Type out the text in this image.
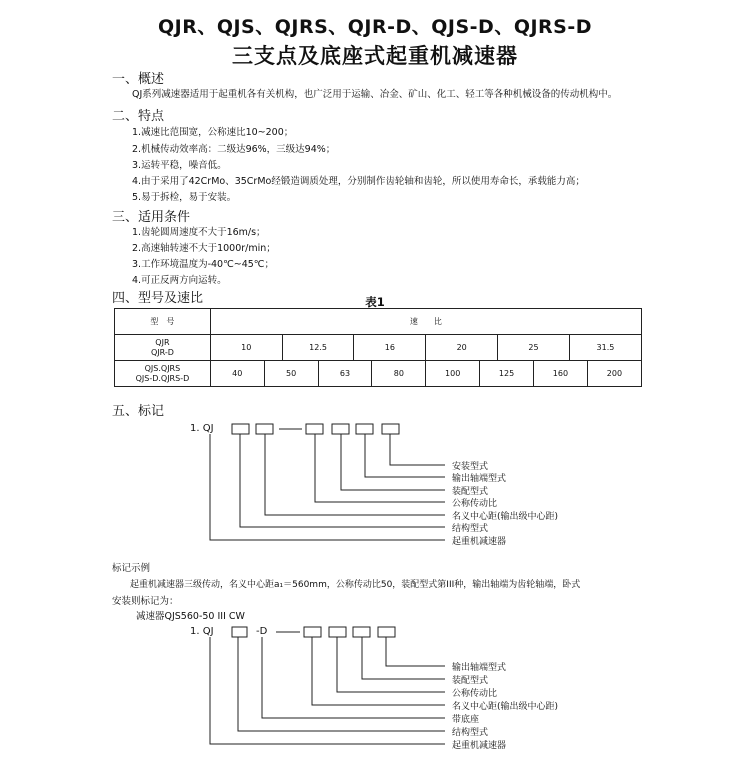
QJR、QJS、QJRS、QJR-D、QJS-D、QJRS-D
三支点及底座式起重机减速器
一、概述
QJ系列减速器适用于起重机各有关机构，也广泛用于运输、冶金、矿山、化工、轻工等各种机械设备的传动机构中。
二、特点
1.减速比范围宽，公称速比10~200；
2.机械传动效率高：二级达96%，三级达94%；
3.运转平稳，噪音低。
4.由于采用了42CrMo、35CrMo经锻造调质处理，分别制作齿轮轴和齿轮，所以使用寿命长，承载能力高；
5.易于拆检，易于安装。
三、适用条件
1.齿轮圆周速度不大于16m/s；
2.高速轴转速不大于1000r/min；
3.工作环境温度为-40℃~45℃；
4.可正反两方向运转。
四、型号及速比	表1
型　号	速　　比											

QJR
QJR-D	10		12.5		16		20		25		31.5	

QJS.QJRS
QJS-D.QJRS-D	40	50		63		80	100	125		160		200
五、标记
1. QJ
安装型式
输出轴端型式
装配型式
公称传动比
名义中心距(输出级中心距)
结构型式
起重机减速器
标记示例
起重机减速器三级传动，名义中心距a₁＝560mm，公称传动比50，装配型式第III种，输出轴端为齿轮轴端，卧式
安装则标记为：
减速器QJS560-50 III CW
1. QJ	-D
输出轴端型式
装配型式
公称传动比
名义中心距(输出级中心距)
带底座
结构型式
起重机减速器
